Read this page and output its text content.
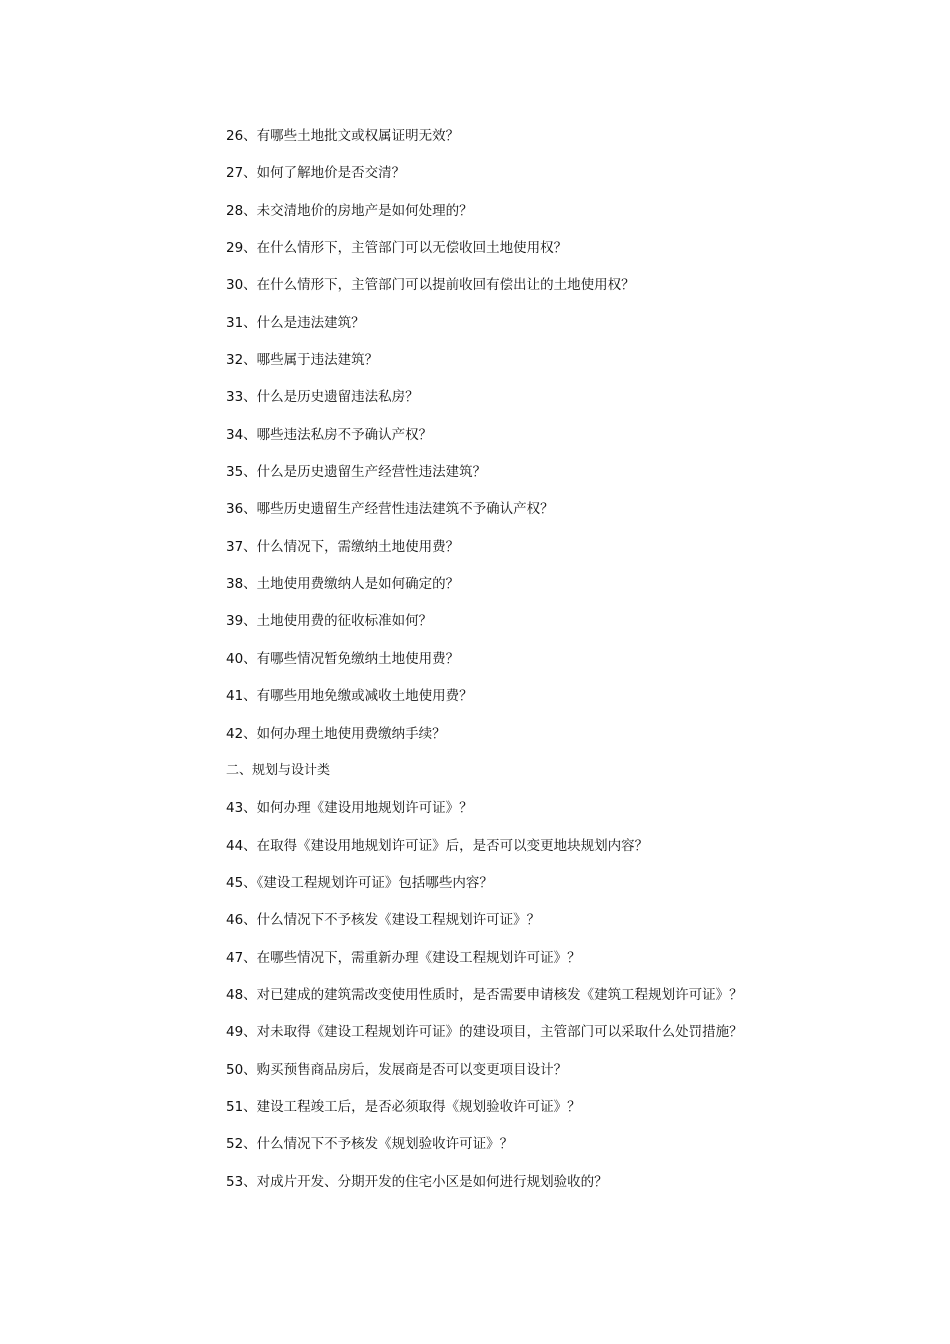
26、有哪些土地批文或权属证明无效？
27、如何了解地价是否交清？
28、未交清地价的房地产是如何处理的？
29、在什么情形下，主管部门可以无偿收回土地使用权？
30、在什么情形下，主管部门可以提前收回有偿出让的土地使用权？
31、什么是违法建筑？
32、哪些属于违法建筑？
33、什么是历史遗留违法私房？
34、哪些违法私房不予确认产权？
35、什么是历史遗留生产经营性违法建筑？
36、哪些历史遗留生产经营性违法建筑不予确认产权？
37、什么情况下，需缴纳土地使用费？
38、土地使用费缴纳人是如何确定的？
39、土地使用费的征收标准如何？
40、有哪些情况暂免缴纳土地使用费？
41、有哪些用地免缴或减收土地使用费？
42、如何办理土地使用费缴纳手续？
二、规划与设计类
43、如何办理《建设用地规划许可证》？
44、在取得《建设用地规划许可证》后，是否可以变更地块规划内容？
45、《建设工程规划许可证》包括哪些内容？
46、什么情况下不予核发《建设工程规划许可证》？
47、在哪些情况下，需重新办理《建设工程规划许可证》？
48、对已建成的建筑需改变使用性质时，是否需要申请核发《建筑工程规划许可证》？
49、对未取得《建设工程规划许可证》的建设项目，主管部门可以采取什么处罚措施？
50、购买预售商品房后，发展商是否可以变更项目设计？
51、建设工程竣工后，是否必须取得《规划验收许可证》？
52、什么情况下不予核发《规划验收许可证》？
53、对成片开发、分期开发的住宅小区是如何进行规划验收的？
